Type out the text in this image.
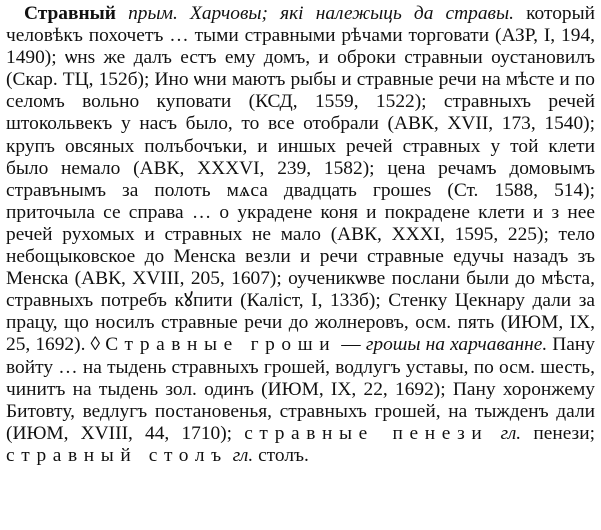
Стравный прым. Харчовы; які належыць да стравы. который человѣкъ похочетъ … тыми стравными рѣчами торговати (АЗР, I, 194, 1490); ѡнѕ же далъ естъ ему домъ, и оброки стравныи оустановилъ (Скар. ТЦ, 152б); Ино ѡни маютъ рыбы и стравные речи на мѣсте и по селомъ вольно куповати (КСД, 1559, 1522); стравныхъ речей штокольвекъ у насъ было, то все отобрали (АВК, XVII, 173, 1540); крупъ овсяных полъбочъки, и иншых речей стравных у той клети было немало (АВК, XXXVI, 239, 1582); цена речамъ домовымъ стравънымъ за полоть мѧса двадцать грошеѕ (Ст. 1588, 514); приточыла се справа … о украдене коня и покрадене клети и з нее речей рухомых и стравных не мало (АВК, XXXI, 1595, 225); тело небощыковское до Менска везли и речи стравные едучы назадъ зъ Менска (АВК, XVIII, 205, 1607); оученикѡве послани были до мѣста, стравныхъ потребъ кꙋпити (Каліст, I, 133б); Стенку Цекнару дали за працу, що носилъ стравные речи до жолнеровъ, осм. пять (ИЮМ, IX, 25, 1692). ◊ Стравные гроши — грошы на харчаванне. Пану войту … на тыдень стравныхъ грошей, водлугъ уставы, по осм. шесть, чинитъ на тыдень зол. одинъ (ИЮМ, IX, 22, 1692); Пану хоронжему Битовту, ведлугъ постановенья, стравныхъ грошей, на тыжденъ дали (ИЮМ, XVIII, 44, 1710); стравные пенези гл. пенези; стравный столъ гл. столъ.
